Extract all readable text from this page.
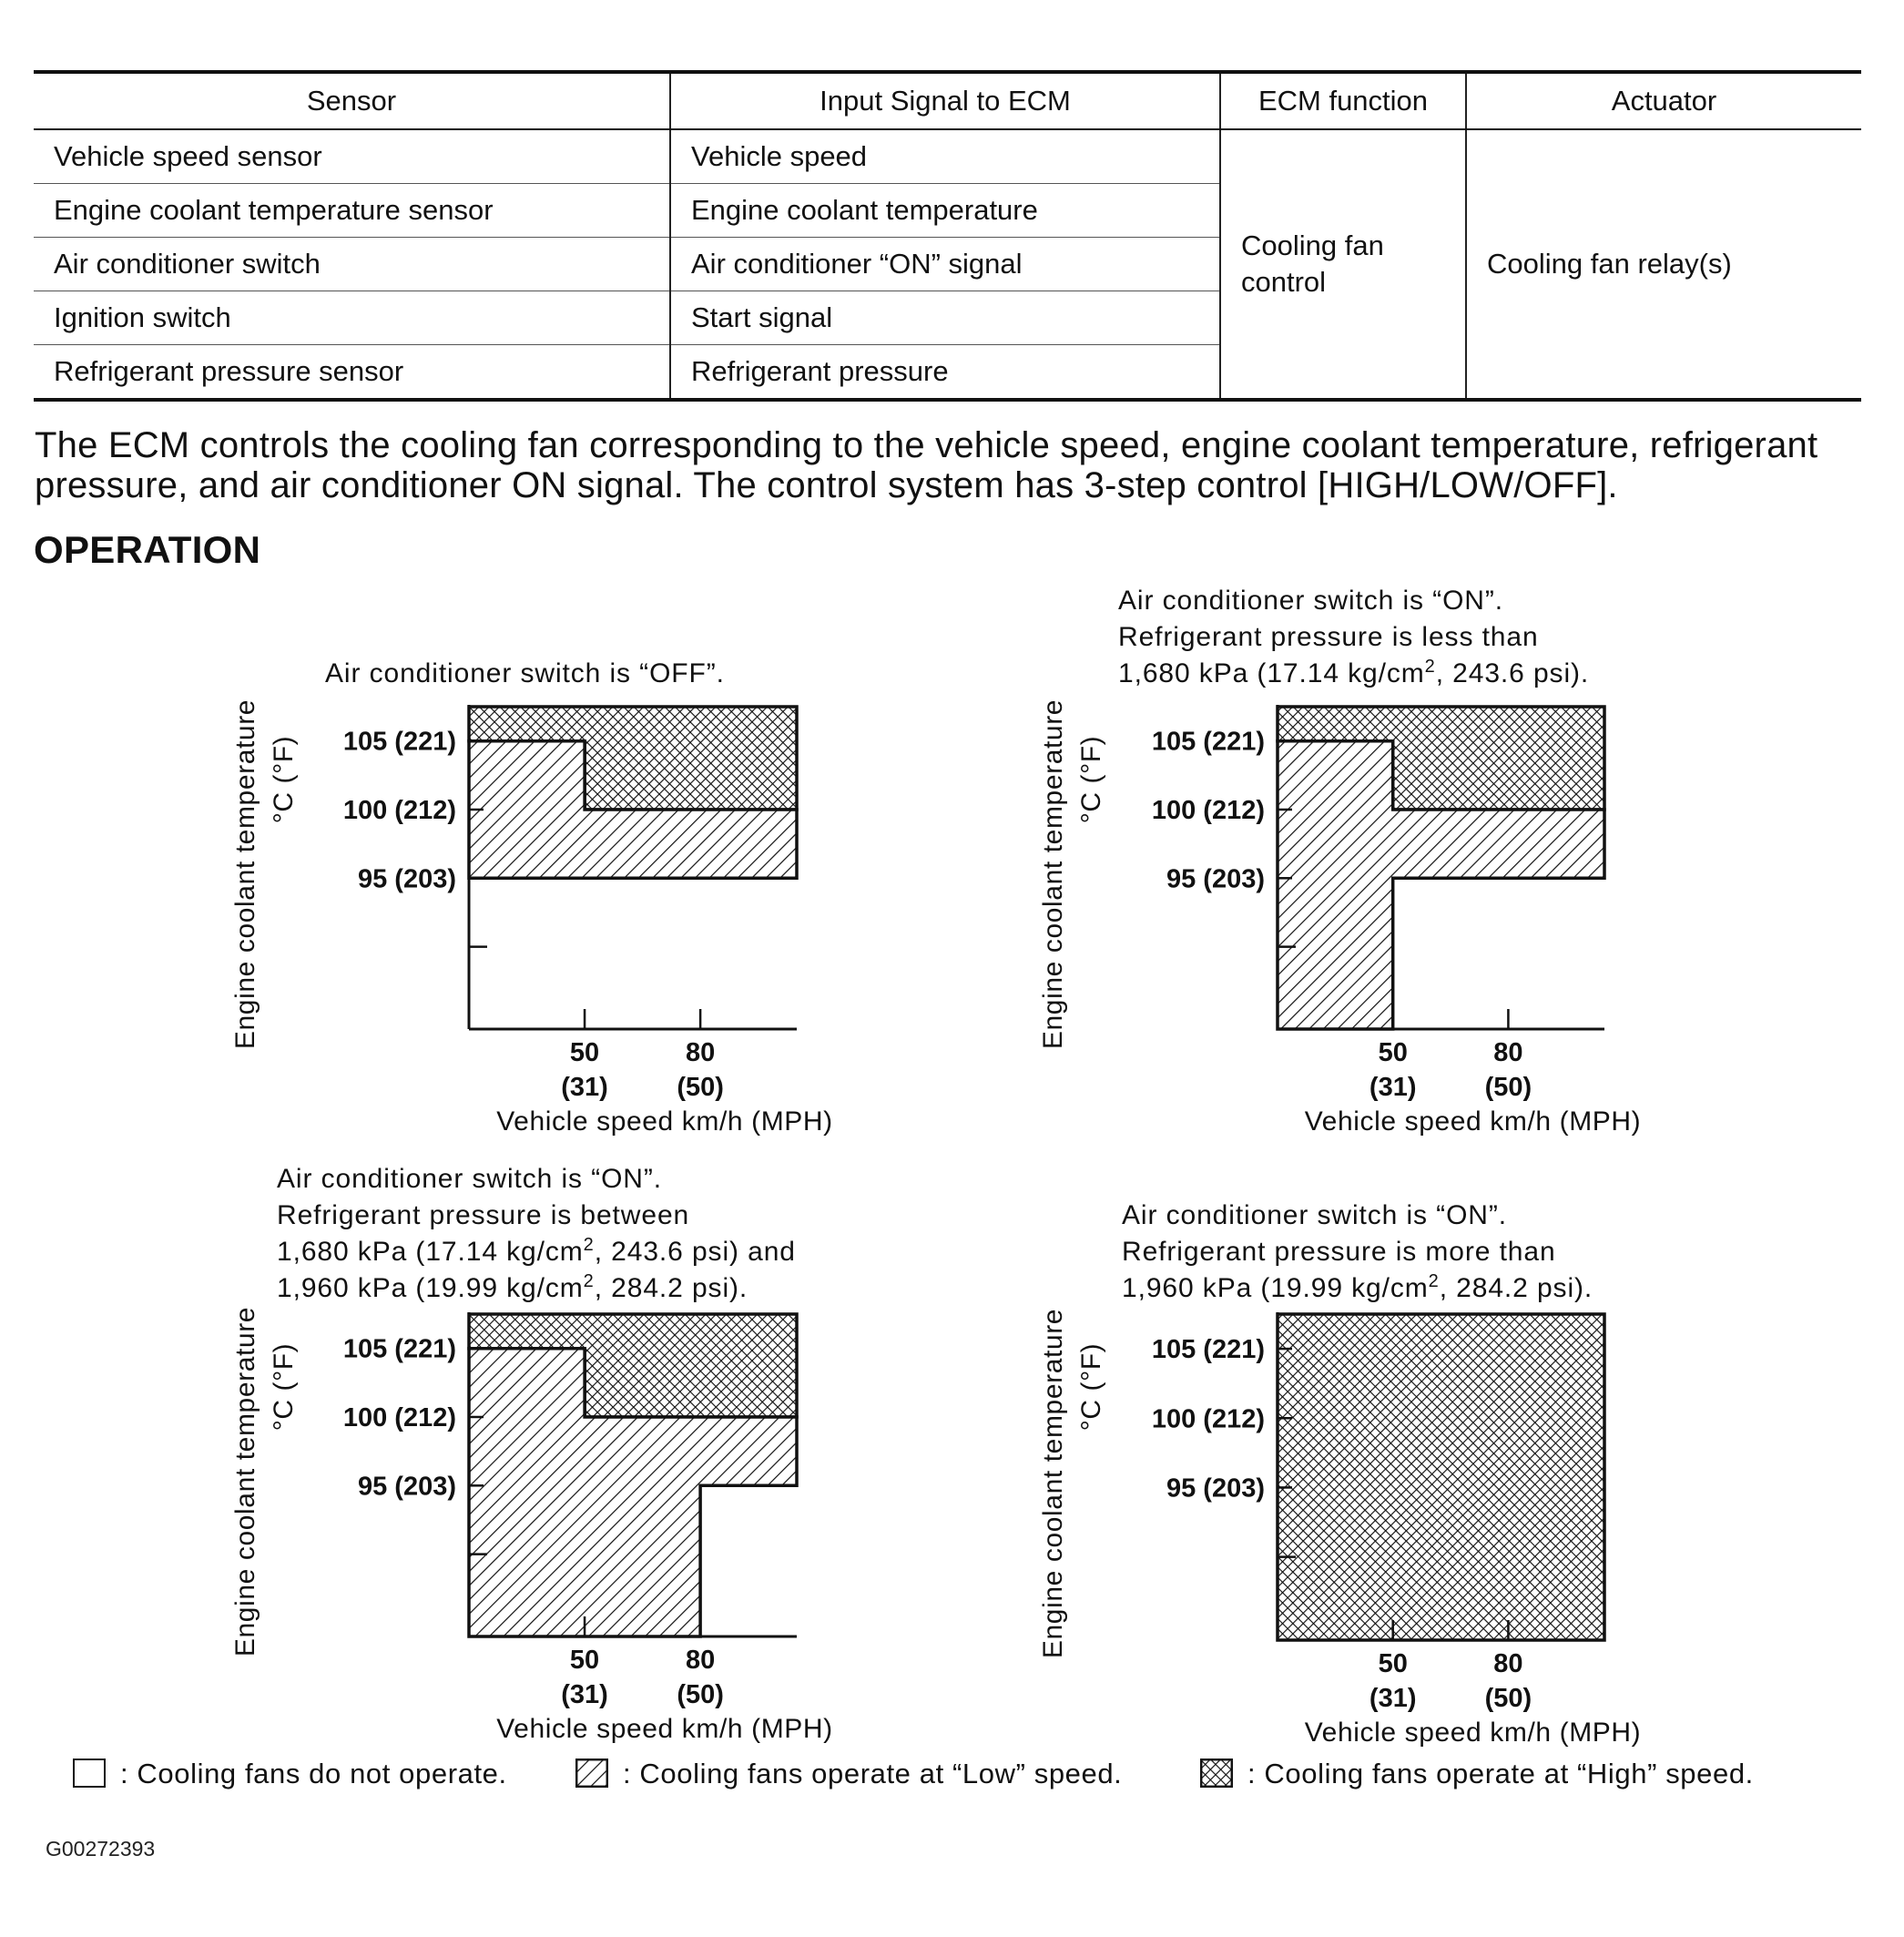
Sensor	Input Signal to ECM	ECM function	Actuator
Vehicle speed sensor	Vehicle speed	Cooling fan control	Cooling fan relay(s)
Engine coolant temperature sensor	Engine coolant temperature		
Air conditioner switch	Air conditioner “ON” signal		
Ignition switch	Start signal		
Refrigerant pressure sensor	Refrigerant pressure		

The ECM controls the cooling fan corresponding to the vehicle speed, engine coolant temperature, refrigerant pressure, and air conditioner ON signal. The control system has 3-step control [HIGH/LOW/OFF].

OPERATION
Air conditioner switch is “OFF”.
Air conditioner switch is “ON”.
Refrigerant pressure is less than
1,680 kPa (17.14 $kg/cm^2$, 243.6 psi).
Air conditioner switch is “ON”.
Refrigerant pressure is between
1,680 kPa (17.14 $kg/cm^2$, 243.6 psi) and
1,960 kPa (19.99 $kg/cm^2$, 284.2 psi).
Air conditioner switch is “ON”.
Refrigerant pressure is more than
1,960 kPa (19.99 $kg/cm^2$, 284.2 psi).
105 (221)
100 (212)
95 (203)
50
(31)
80
(50)
Vehicle speed km/h (MPH)
Engine coolant temperature °C (°F)	105 (221)
100 (212)
95 (203)
50
(31)
80
(50)
Vehicle speed km/h (MPH)
Engine coolant temperature °C (°F)
105 (221)
100 (212)
95 (203)
50
(31)
80
(50)
Vehicle speed km/h (MPH)
Engine coolant temperature °C (°F)	105 (221)
100 (212)
95 (203)
50
(31)
80
(50)
Vehicle speed km/h (MPH)
Engine coolant temperature °C (°F)
: Cooling fans do not operate.	: Cooling fans operate at “Low” speed.	: Cooling fans operate at “High” speed.
G00272393
